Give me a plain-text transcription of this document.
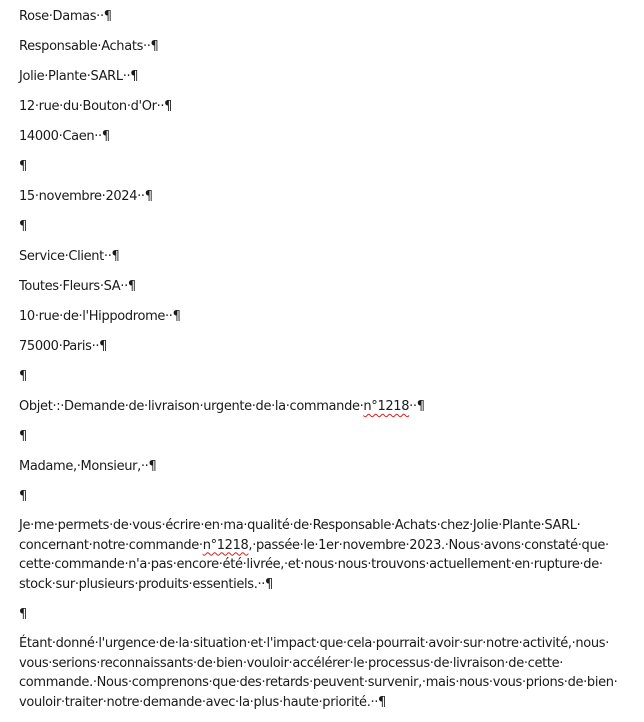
Rose·Damas··¶
Responsable·Achats··¶
Jolie·Plante·SARL··¶
12·rue·du·Bouton·d'Or··¶
14000·Caen··¶
¶
15·novembre·2024··¶
¶
Service·Client··¶
Toutes·Fleurs·SA··¶
10·rue·de·l'Hippodrome··¶
75000·Paris··¶
¶
Objet·:·Demande·de·livraison·urgente·de·la·commande·n°1218··¶
¶
Madame,·Monsieur,··¶
¶
Je·me·permets·de·vous·écrire·en·ma·qualité·de·Responsable·Achats·chez·Jolie·Plante·SARL·
concernant·notre·commande·n°1218,·passée·le·1er·novembre·2023.·Nous·avons·constaté·que·
cette·commande·n'a·pas·encore·été·livrée,·et·nous·nous·trouvons·actuellement·en·rupture·de·
stock·sur·plusieurs·produits·essentiels.··¶
¶
Étant·donné·l'urgence·de·la·situation·et·l'impact·que·cela·pourrait·avoir·sur·notre·activité,·nous·
vous·serions·reconnaissants·de·bien·vouloir·accélérer·le·processus·de·livraison·de·cette·
commande.·Nous·comprenons·que·des·retards·peuvent·survenir,·mais·nous·vous·prions·de·bien·
vouloir·traiter·notre·demande·avec·la·plus·haute·priorité.··¶
